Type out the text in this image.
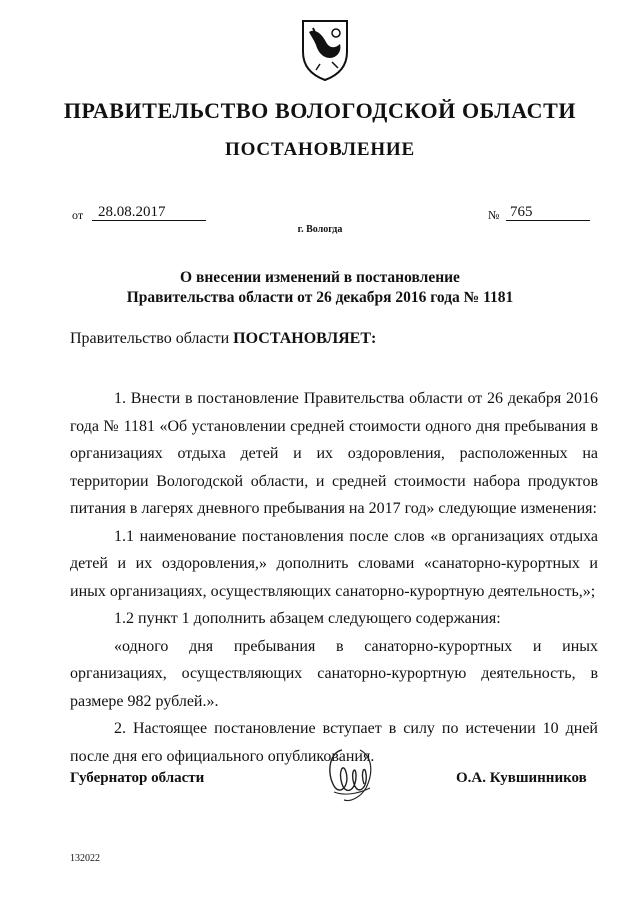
ПРАВИТЕЛЬСТВО ВОЛОГОДСКОЙ ОБЛАСТИ
ПОСТАНОВЛЕНИЕ
от 28.08.2017
г. Вологда
№ 765
О внесении изменений в постановление
Правительства области от 26 декабря 2016 года № 1181
Правительство области ПОСТАНОВЛЯЕТ:

1. Внести в постановление Правительства области от 26 декабря 2016 года № 1181 «Об установлении средней стоимости одного дня пребывания в организациях отдыха детей и их оздоровления, расположенных на территории Вологодской области, и средней стоимости набора продуктов питания в лагерях дневного пребывания на 2017 год» следующие изменения:

1.1 наименование постановления после слов «в организациях отдыха детей и их оздоровления,» дополнить словами «санаторно-курортных и иных организациях, осуществляющих санаторно-курортную деятельность,»;

1.2 пункт 1 дополнить абзацем следующего содержания:

«одного дня пребывания в санаторно-курортных и иных организациях, осуществляющих санаторно-курортную деятельность, в размере 982 рублей.».

2. Настоящее постановление вступает в силу по истечении 10 дней после дня его официального опубликования.

Губернатор области	О.А. Кувшинников
132022
